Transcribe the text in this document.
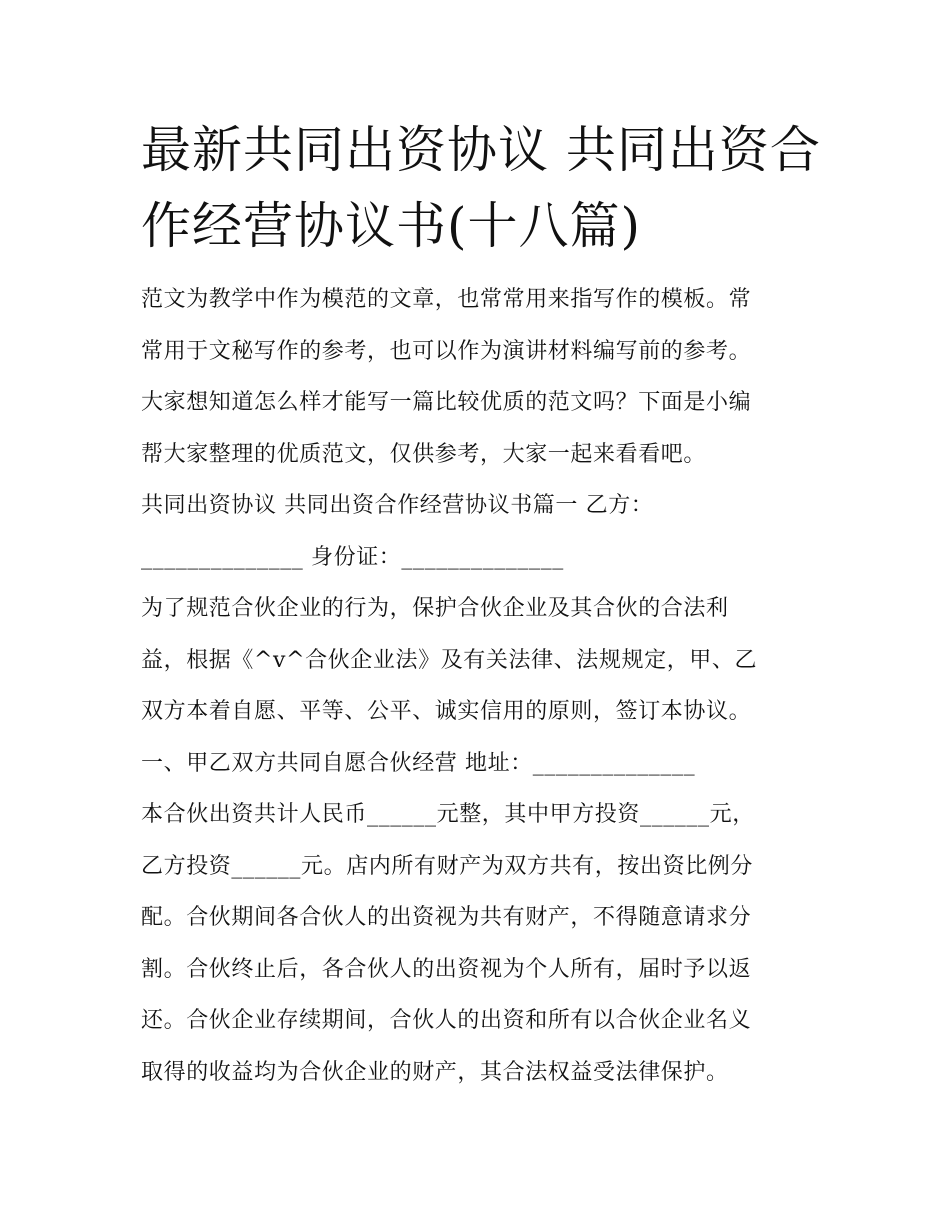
最新共同出资协议 共同出资合
作经营协议书(十八篇)
范文为教学中作为模范的文章，也常常用来指写作的模板。常
常用于文秘写作的参考，也可以作为演讲材料编写前的参考。
大家想知道怎么样才能写一篇比较优质的范文吗？下面是小编
帮大家整理的优质范文，仅供参考，大家一起来看看吧。
共同出资协议 共同出资合作经营协议书篇一 乙方：
______________ 身份证：______________
为了规范合伙企业的行为，保护合伙企业及其合伙的合法利
益，根据《^v^合伙企业法》及有关法律、法规规定，甲、乙
双方本着自愿、平等、公平、诚实信用的原则，签订本协议。
一、甲乙双方共同自愿合伙经营 地址：______________
本合伙出资共计人民币______元整，其中甲方投资______元，
乙方投资______元。店内所有财产为双方共有，按出资比例分
配。合伙期间各合伙人的出资视为共有财产，不得随意请求分
割。合伙终止后，各合伙人的出资视为个人所有，届时予以返
还。合伙企业存续期间，合伙人的出资和所有以合伙企业名义
取得的收益均为合伙企业的财产，其合法权益受法律保护。
